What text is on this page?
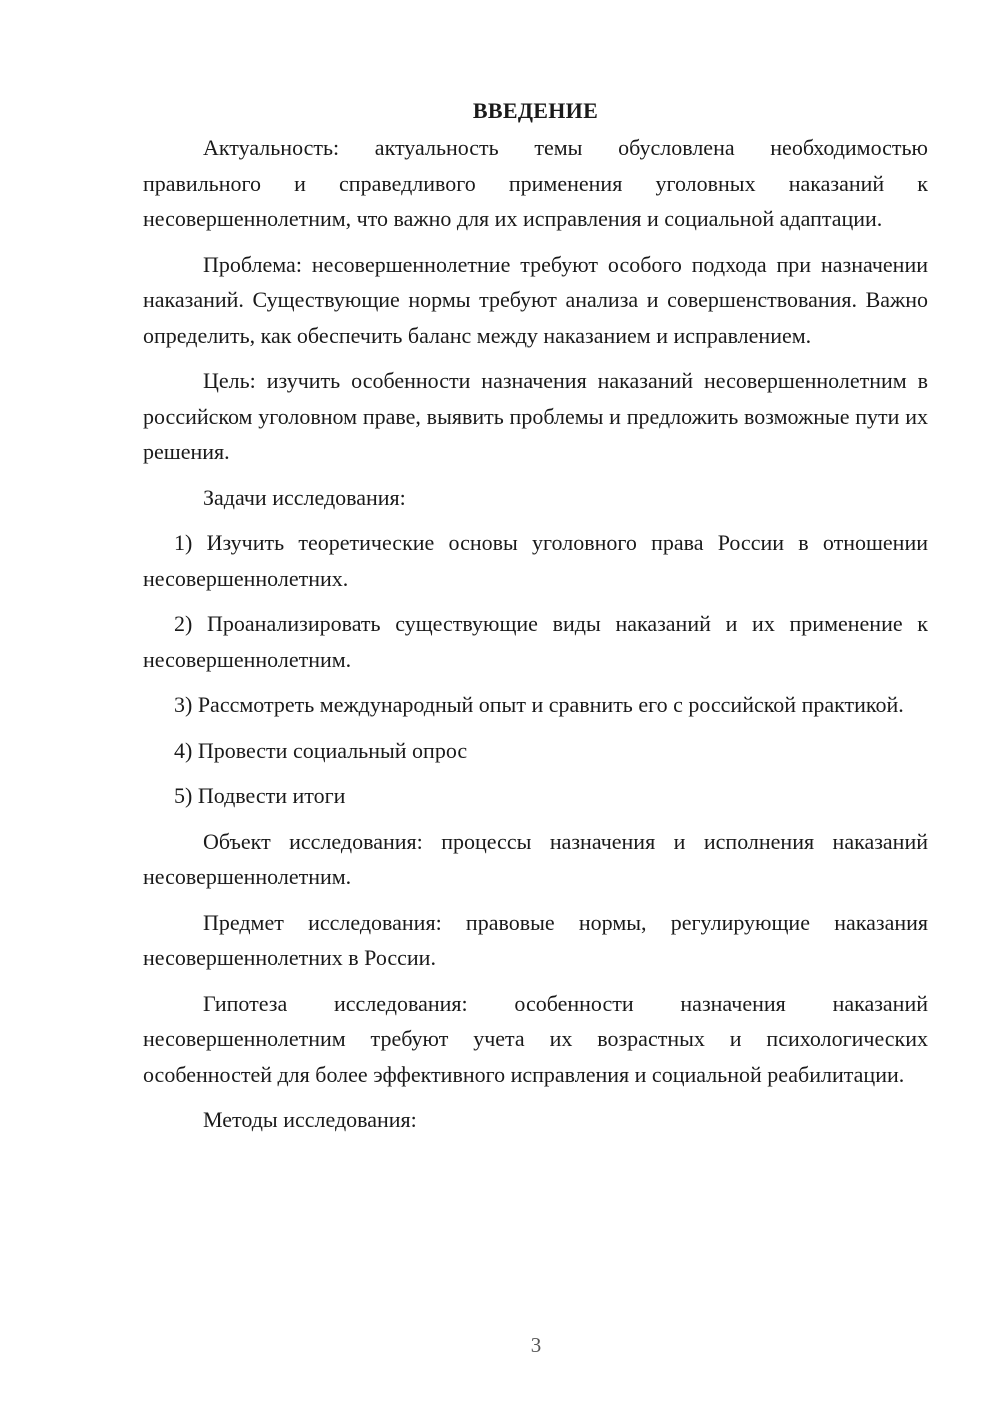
ВВЕДЕНИЕ

Актуальность: актуальность темы обусловлена необходимостью правильного и справедливого применения уголовных наказаний к несовершеннолетним, что важно для их исправления и социальной адаптации.

Проблема: несовершеннолетние требуют особого подхода при назначении наказаний. Существующие нормы требуют анализа и совершенствования. Важно определить, как обеспечить баланс между наказанием и исправлением.

Цель: изучить особенности назначения наказаний несовершеннолетним в российском уголовном праве, выявить проблемы и предложить возможные пути их решения.

Задачи исследования:

1) Изучить теоретические основы уголовного права России в отношении несовершеннолетних.

2) Проанализировать существующие виды наказаний и их применение к несовершеннолетним.

3) Рассмотреть международный опыт и сравнить его с российской практикой.

4) Провести социальный опрос

5) Подвести итоги

Объект исследования: процессы назначения и исполнения наказаний несовершеннолетним.

Предмет исследования: правовые нормы, регулирующие наказания несовершеннолетних в России.

Гипотеза исследования: особенности назначения наказаний несовершеннолетним требуют учета их возрастных и психологических особенностей для более эффективного исправления и социальной реабилитации.

Методы исследования:

3
